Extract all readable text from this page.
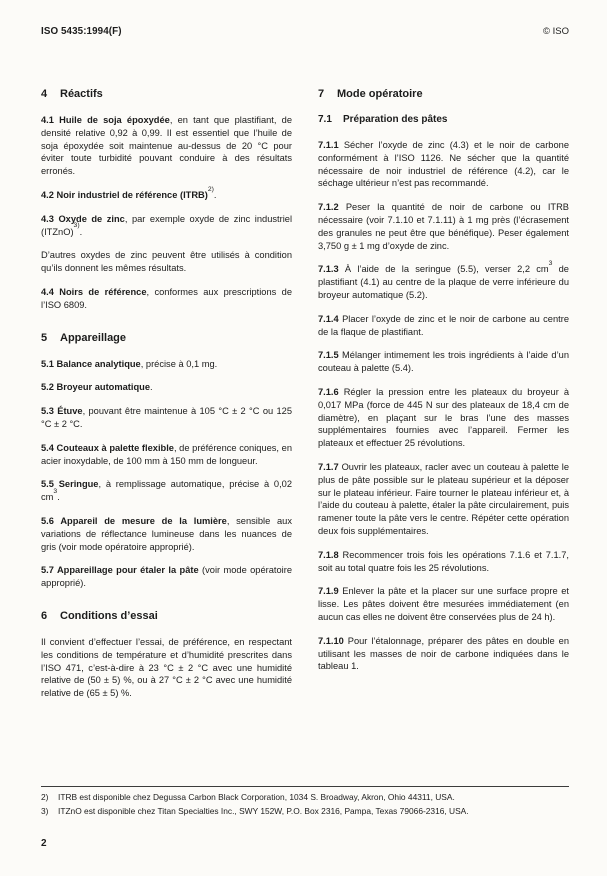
ISO 5435:1994(F)	© ISO
4	Réactifs

4.1 Huile de soja époxydée, en tant que plastifiant, de densité relative 0,92 à 0,99. Il est essentiel que l’huile de soja époxydée soit maintenue au-dessus de 20 °C pour éviter toute turbidité pouvant conduire à des résultats erronés.

4.2 Noir industriel de référence (ITRB)$^{2)}$.

4.3 Oxyde de zinc, par exemple oxyde de zinc industriel (ITZnO)$^{3)}$.

D’autres oxydes de zinc peuvent être utilisés à condition qu’ils donnent les mêmes résultats.

4.4 Noirs de référence, conformes aux prescriptions de l’ISO 6809.

5	Appareillage

5.1 Balance analytique, précise à 0,1 mg.

5.2 Broyeur automatique.

5.3 Étuve, pouvant être maintenue à 105 °C ± 2 °C ou 125 °C ± 2 °C.

5.4 Couteaux à palette flexible, de préférence coniques, en acier inoxydable, de 100 mm à 150 mm de longueur.

5.5 Seringue, à remplissage automatique, précise à 0,02 $cm^3$.

5.6 Appareil de mesure de la lumière, sensible aux variations de réflectance lumineuse dans les nuances de gris (voir mode opératoire approprié).

5.7 Appareillage pour étaler la pâte (voir mode opératoire approprié).

6	Conditions d’essai

Il convient d’effectuer l’essai, de préférence, en respectant les conditions de température et d’humidité prescrites dans l’ISO 471, c’est-à-dire à 23 °C ± 2 °C avec une humidité relative de (50 ± 5) %, ou à 27 °C ± 2 °C avec une humidité relative de (65 ± 5) %.

7	Mode opératoire
7.1	Préparation des pâtes

7.1.1 Sécher l’oxyde de zinc (4.3) et le noir de carbone conformément à l’ISO 1126. Ne sécher que la quantité nécessaire de noir industriel de référence (4.2), car le séchage ultérieur n’est pas recommandé.

7.1.2 Peser la quantité de noir de carbone ou ITRB nécessaire (voir 7.1.10 et 7.1.11) à 1 mg près (l’écrasement des granules ne peut être que bénéfique). Peser également 3,750 g ± 1 mg d’oxyde de zinc.

7.1.3 À l’aide de la seringue (5.5), verser 2,2 $cm^3$ de plastifiant (4.1) au centre de la plaque de verre inférieure du broyeur automatique (5.2).

7.1.4 Placer l’oxyde de zinc et le noir de carbone au centre de la flaque de plastifiant.

7.1.5 Mélanger intimement les trois ingrédients à l’aide d’un couteau à palette (5.4).

7.1.6 Régler la pression entre les plateaux du broyeur à 0,017 MPa (force de 445 N sur des plateaux de 18,4 cm de diamètre), en plaçant sur le bras l’une des masses supplémentaires fournies avec l’appareil. Fermer les plateaux et effectuer 25 révolutions.

7.1.7 Ouvrir les plateaux, racler avec un couteau à palette le plus de pâte possible sur le plateau supérieur et la déposer sur le plateau inférieur. Faire tourner le plateau inférieur et, à l’aide du couteau à palette, étaler la pâte circulairement, puis ramener toute la pâte vers le centre. Répéter cette opération deux fois supplémentaires.

7.1.8 Recommencer trois fois les opérations 7.1.6 et 7.1.7, soit au total quatre fois les 25 révolutions.

7.1.9 Enlever la pâte et la placer sur une surface propre et lisse. Les pâtes doivent être mesurées immédiatement (en aucun cas elles ne doivent être conservées plus de 24 h).

7.1.10 Pour l’étalonnage, préparer des pâtes en double en utilisant les masses de noir de carbone indiquées dans le tableau 1.

2)	ITRB est disponible chez Degussa Carbon Black Corporation, 1034 S. Broadway, Akron, Ohio 44311, USA.
3)	ITZnO est disponible chez Titan Specialties Inc., SWY 152W, P.O. Box 2316, Pampa, Texas 79066-2316, USA.
2
